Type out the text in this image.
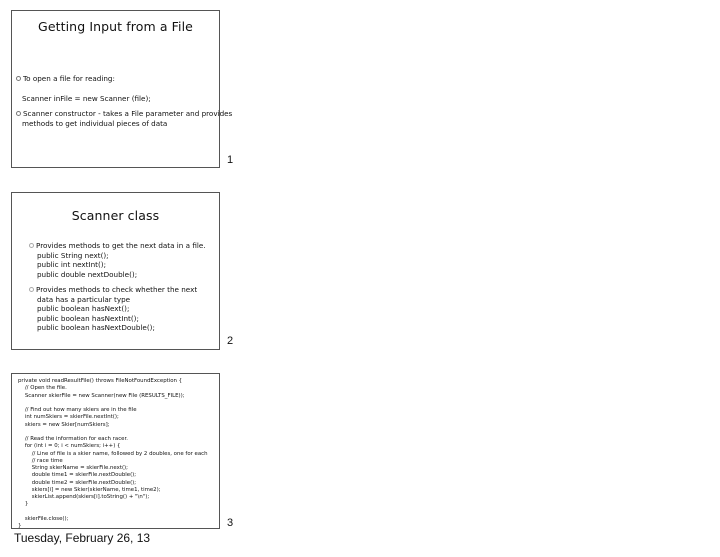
Getting Input from a File
To open a file for reading:
Scanner inFile = new Scanner (file);
Scanner constructor - takes a File parameter and provides
methods to get individual pieces of data
1
Scanner class
Provides methods to get the next data in a file.
public String next();
public int nextInt();
public double nextDouble();
Provides methods to check whether the next
data has a particular type
public boolean hasNext();
public boolean hasNextInt();
public boolean hasNextDouble();
2
private void readResultFile() throws FileNotFoundException {
// Open the file.
Scanner skierFile = new Scanner(new File (RESULTS_FILE));

// Find out how many skiers are in the file
int numSkiers = skierFile.nextInt();
skiers = new Skier[numSkiers];

// Read the information for each racer.
for (int i = 0; i < numSkiers; i++) {
// Line of file is a skier name, followed by 2 doubles, one for each
// race time
String skierName = skierFile.next();
double time1 = skierFile.nextDouble();
double time2 = skierFile.nextDouble();
skiers[i] = new Skier(skierName, time1, time2);
skierList.append(skiers[i].toString() + "\n");
}

skierFile.close();
}	3
Tuesday, February 26, 13
